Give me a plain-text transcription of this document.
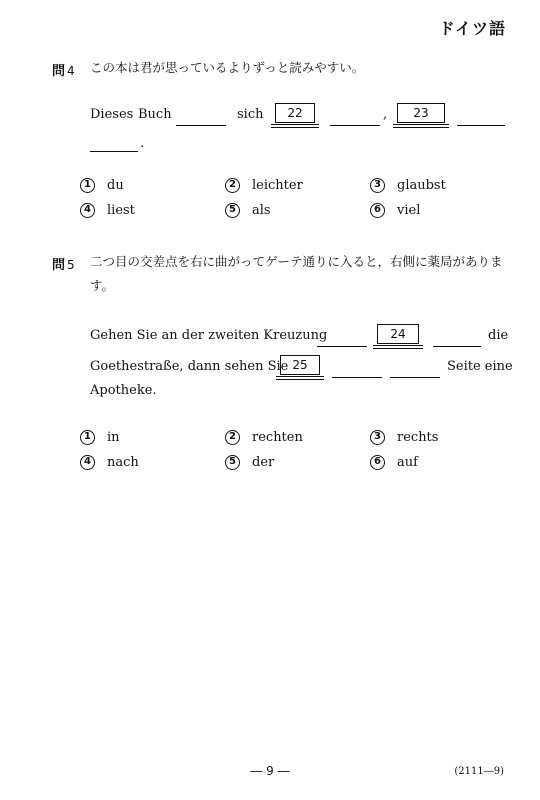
ドイツ語
問 4 この本は君が思っているよりずっと読みやすい。
Dieses Buch	sich	22	,	23
.
1	du	2	leichter	3	glaubst
4	liest	5	als	6	viel
問 5 二つ目の交差点を右に曲がってゲーテ通りに入ると，右側に薬局がありま
す。
Gehen Sie an der zweiten Kreuzung	24	die
Goethestraße, dann sehen Sie 25	Seite eine
Apotheke.
1	in	2	rechten	3	rechts
4	nach	5	der	6	auf
― 9 ―	(2111―9)
